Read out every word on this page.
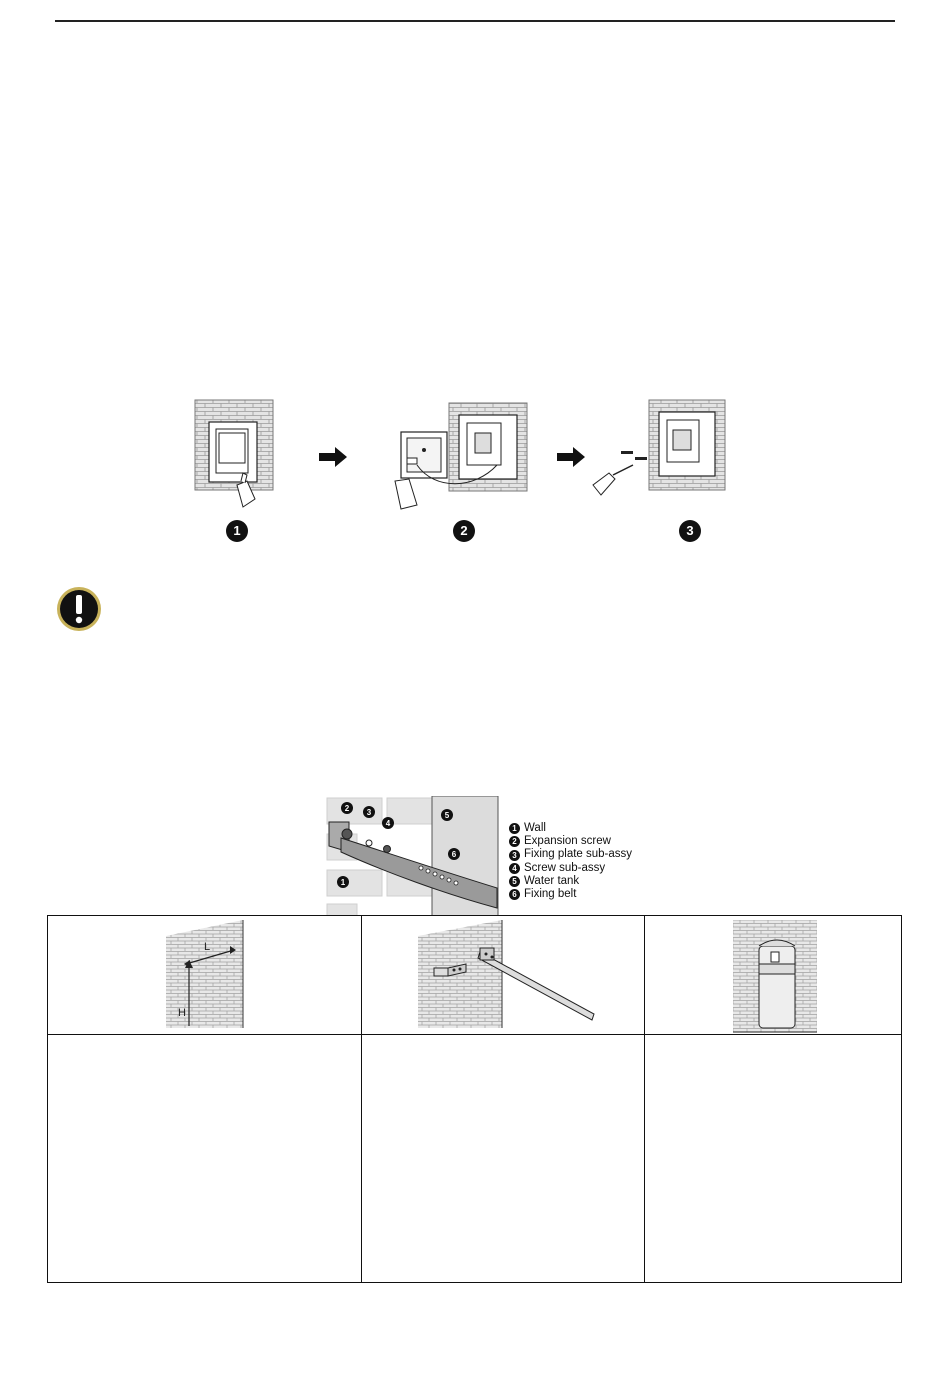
1	2	3
2 3
4
5
6
1
1 Wall
2 Expansion screw
3 Fixing plate sub-assy
4 Screw sub-assy
5 Water tank
6 Fixing belt
L
H
